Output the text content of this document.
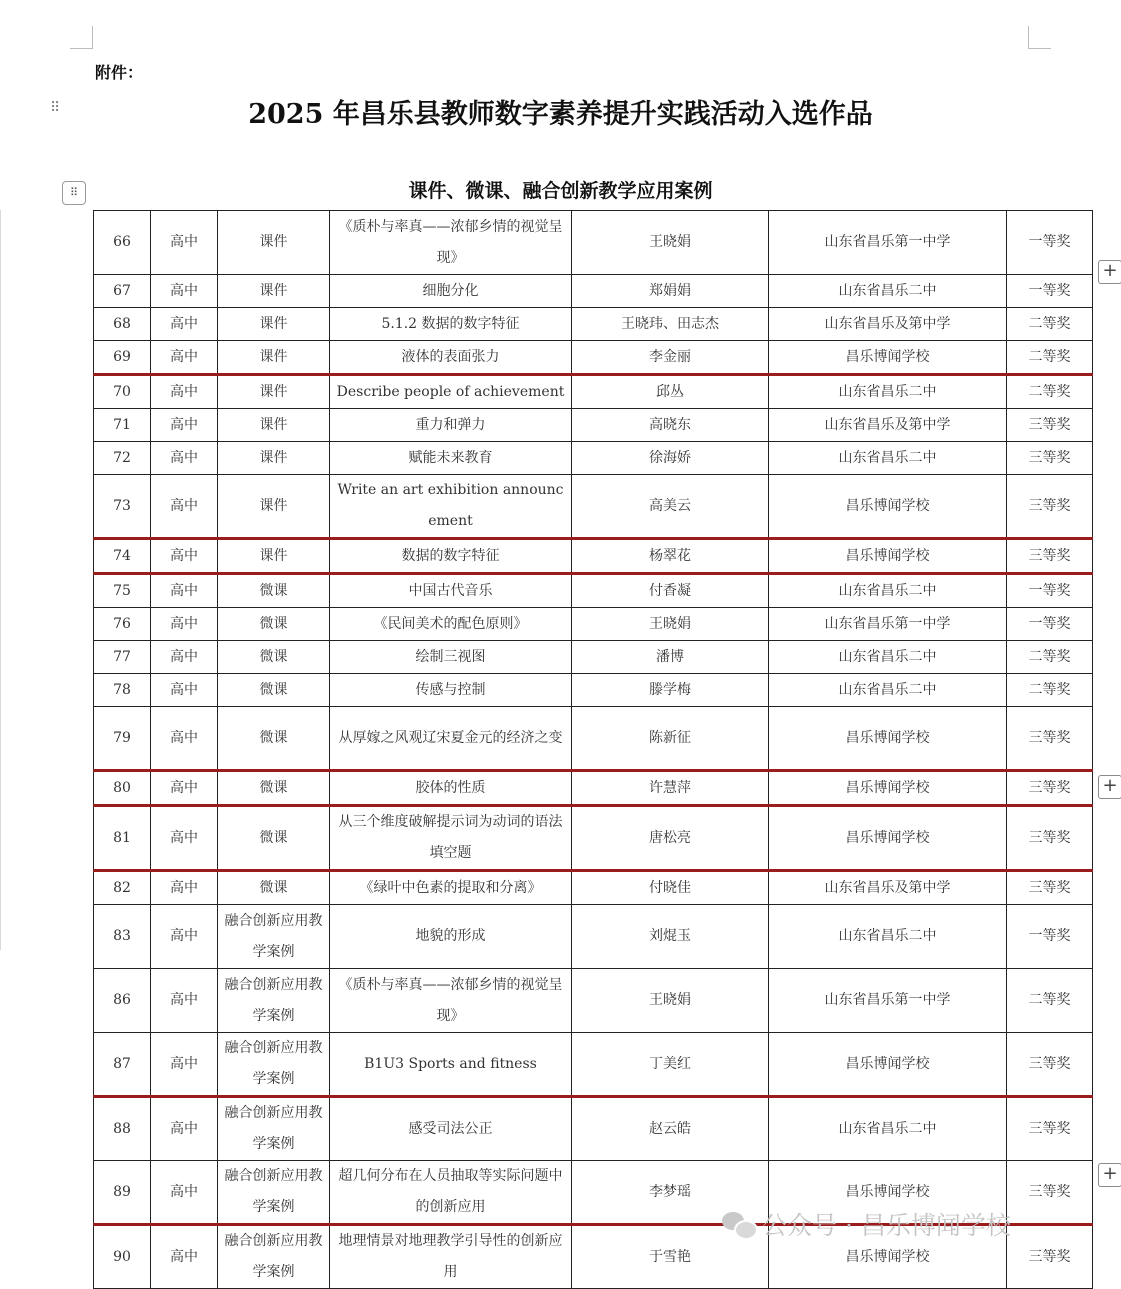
附件：
⠿	2025 年昌乐县教师数字素养提升实践活动入选作品
⠿	课件、微课、融合创新教学应用案例
66	高中	课件	《质朴与率真——浓郁乡情的视觉呈现》	王晓娟	山东省昌乐第一中学	一等奖
67	高中	课件	细胞分化	郑娟娟	山东省昌乐二中	一等奖
68	高中	课件	5.1.2 数据的数字特征	王晓玮、田志杰	山东省昌乐及第中学	二等奖
69	高中	课件	液体的表面张力	李金丽	昌乐博闻学校	二等奖
70	高中	课件	Describe people of achievement	邱丛	山东省昌乐二中	二等奖
71	高中	课件	重力和弹力	高晓东	山东省昌乐及第中学	三等奖
72	高中	课件	赋能未来教育	徐海娇	山东省昌乐二中	三等奖
73	高中	课件	Write an art exhibition announcement	高美云	昌乐博闻学校	三等奖
74	高中	课件	数据的数字特征	杨翠花	昌乐博闻学校	三等奖
75	高中	微课	中国古代音乐	付香凝	山东省昌乐二中	一等奖
76	高中	微课	《民间美术的配色原则》	王晓娟	山东省昌乐第一中学	一等奖
77	高中	微课	绘制三视图	潘博	山东省昌乐二中	二等奖
78	高中	微课	传感与控制	滕学梅	山东省昌乐二中	二等奖
79	高中	微课	从厚嫁之风观辽宋夏金元的经济之变	陈新征	昌乐博闻学校	三等奖
80	高中	微课	胶体的性质	许慧萍	昌乐博闻学校	三等奖
81	高中	微课	从三个维度破解提示词为动词的语法填空题	唐松亮	昌乐博闻学校	三等奖
82	高中	微课	《绿叶中色素的提取和分离》	付晓佳	山东省昌乐及第中学	三等奖
83	高中	融合创新应用教学案例	地貌的形成	刘焜玉	山东省昌乐二中	一等奖
86	高中	融合创新应用教学案例	《质朴与率真——浓郁乡情的视觉呈现》	王晓娟	山东省昌乐第一中学	二等奖
87	高中	融合创新应用教学案例	B1U3 Sports and fitness	丁美红	昌乐博闻学校	三等奖
88	高中	融合创新应用教学案例	感受司法公正	赵云皓	山东省昌乐二中	三等奖
89	高中	融合创新应用教学案例	超几何分布在人员抽取等实际问题中的创新应用	李梦瑶	昌乐博闻学校	三等奖
90	高中	融合创新应用教学案例	地理情景对地理教学引导性的创新应用	于雪艳	昌乐博闻学校	三等奖
+
+
+
公众号 · 昌乐博闻学校
